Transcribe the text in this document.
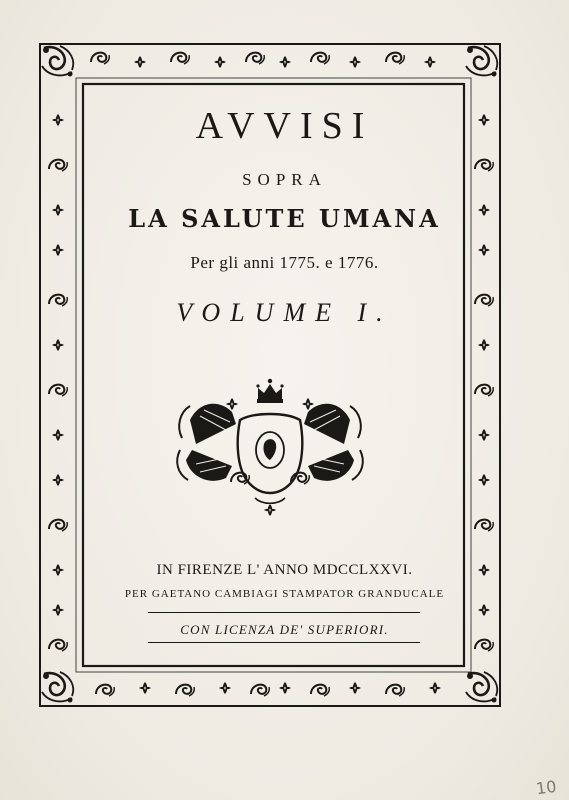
AVVISI
SOPRA
LA SALUTE UMANA
Per gli anni 1775. e 1776.
VOLUME I.
IN FIRENZE L' ANNO MDCCLXXVI.
PER GAETANO CAMBIAGI STAMPATOR GRANDUCALE
CON LICENZA DE' SUPERIORI.
10
